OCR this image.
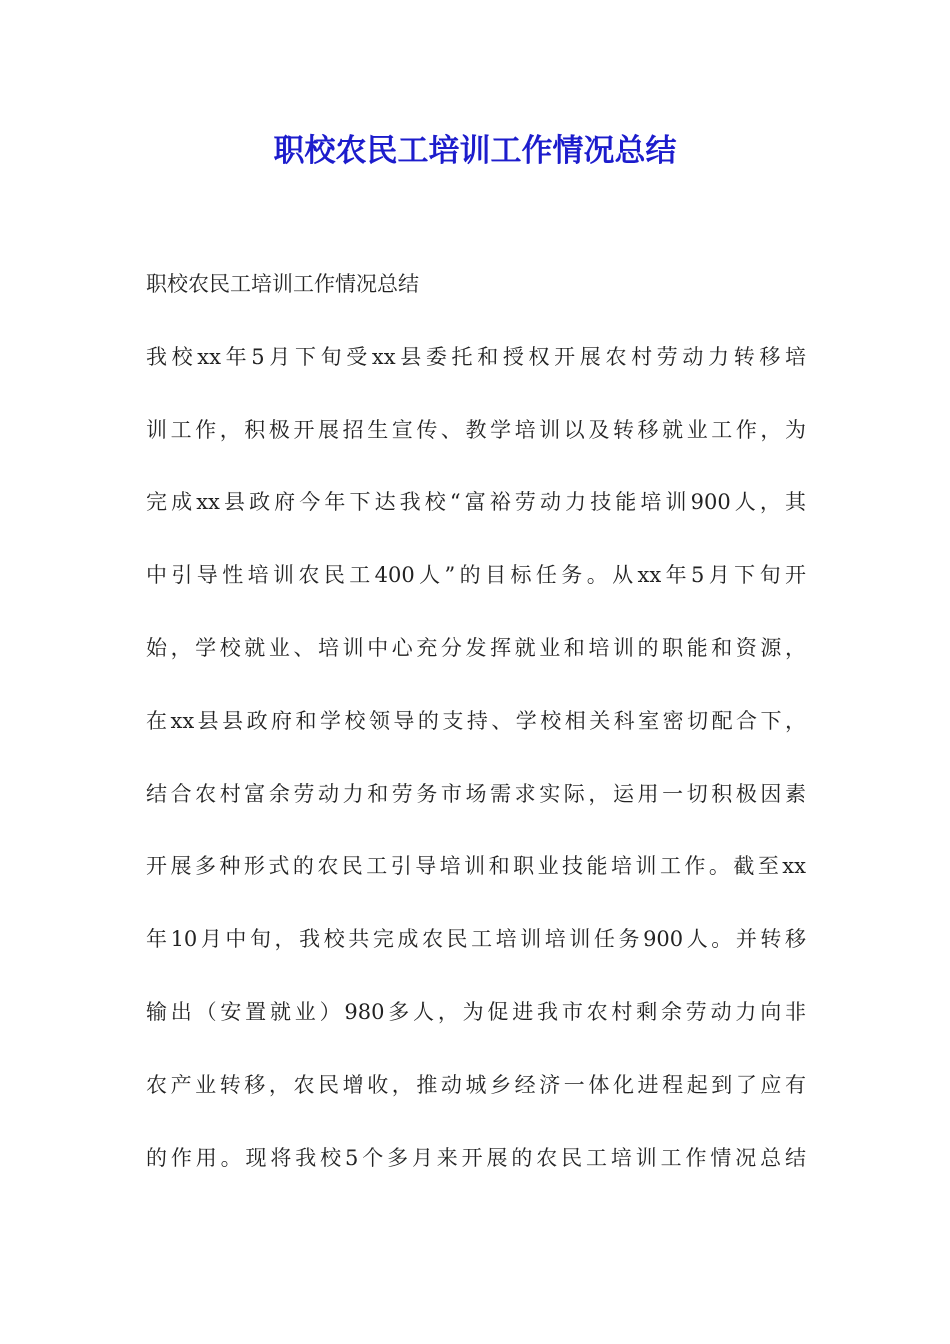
职校农民工培训工作情况总结
职校农民工培训工作情况总结
我校xx年5月下旬受xx县委托和授权开展农村劳动力转移培
训工作，积极开展招生宣传、教学培训以及转移就业工作，为
完成xx县政府今年下达我校“富裕劳动力技能培训900人，其
中引导性培训农民工400人”的目标任务。从xx年5月下旬开
始，学校就业、培训中心充分发挥就业和培训的职能和资源，
在xx县县政府和学校领导的支持、学校相关科室密切配合下，
结合农村富余劳动力和劳务市场需求实际，运用一切积极因素
开展多种形式的农民工引导培训和职业技能培训工作。截至xx
年10月中旬，我校共完成农民工培训培训任务900人。并转移
输出（安置就业）980多人，为促进我市农村剩余劳动力向非
农产业转移，农民增收，推动城乡经济一体化进程起到了应有
的作用。现将我校5个多月来开展的农民工培训工作情况总结
